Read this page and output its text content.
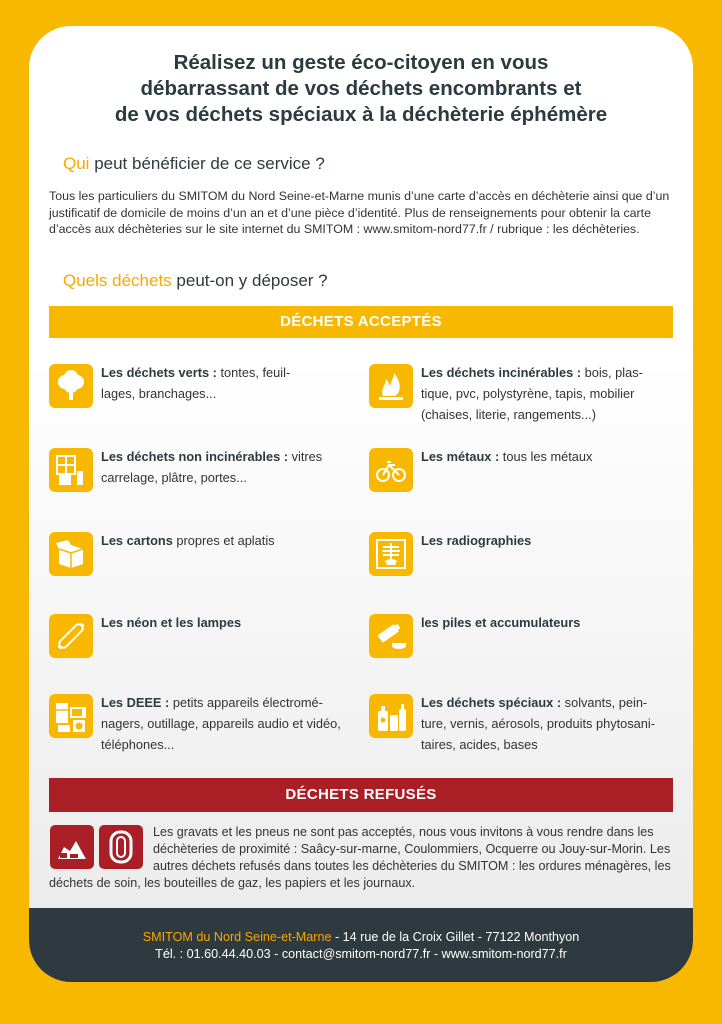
Réalisez un geste éco-citoyen en vous
débarrassant de vos déchets encombrants et
de vos déchets spéciaux à la déchèterie éphémère
Qui peut bénéficier de ce service ?
Tous les particuliers du SMITOM du Nord Seine-et-Marne munis d’une carte d’accès en déchèterie ainsi que d’un justificatif de domicile de moins d’un an et d’une pièce d’identité. Plus de renseignements pour obtenir la carte d’accès aux déchèteries sur le site internet du SMITOM : www.smitom-nord77.fr / rubrique : les déchèteries.
Quels déchets peut-on y déposer ?
DÉCHETS ACCEPTÉS
Les déchets verts : tontes, feuil- lages, branchages...
Les déchets incinérables : bois, plas- tique, pvc, polystyrène, tapis, mobilier (chaises, literie, rangements...)
Les déchets non incinérables : vitres carrelage, plâtre, portes...
Les métaux : tous les métaux
Les cartons propres et aplatis	Les radiographies
Les néon et les lampes	les piles et accumulateurs
Les DEEE : petits appareils électromé- nagers, outillage, appareils audio et vidéo, téléphones...
Les déchets spéciaux : solvants, pein- ture, vernis, aérosols, produits phytosani- taires, acides, bases
DÉCHETS REFUSÉS
Les gravats et les pneus ne sont pas acceptés, nous vous invitons à vous rendre dans les déchèteries de proximité : Saâcy-sur-marne, Coulommiers, Ocquerre ou Jouy-sur-Morin. Les autres déchets refusés dans toutes les déchèteries du SMITOM : les ordures ménagères, les déchets de soin, les bouteilles de gaz, les papiers et les journaux.
SMITOM du Nord Seine-et-Marne - 14 rue de la Croix Gillet - 77122 Monthyon
Tél. : 01.60.44.40.03 - contact@smitom-nord77.fr - www.smitom-nord77.fr
